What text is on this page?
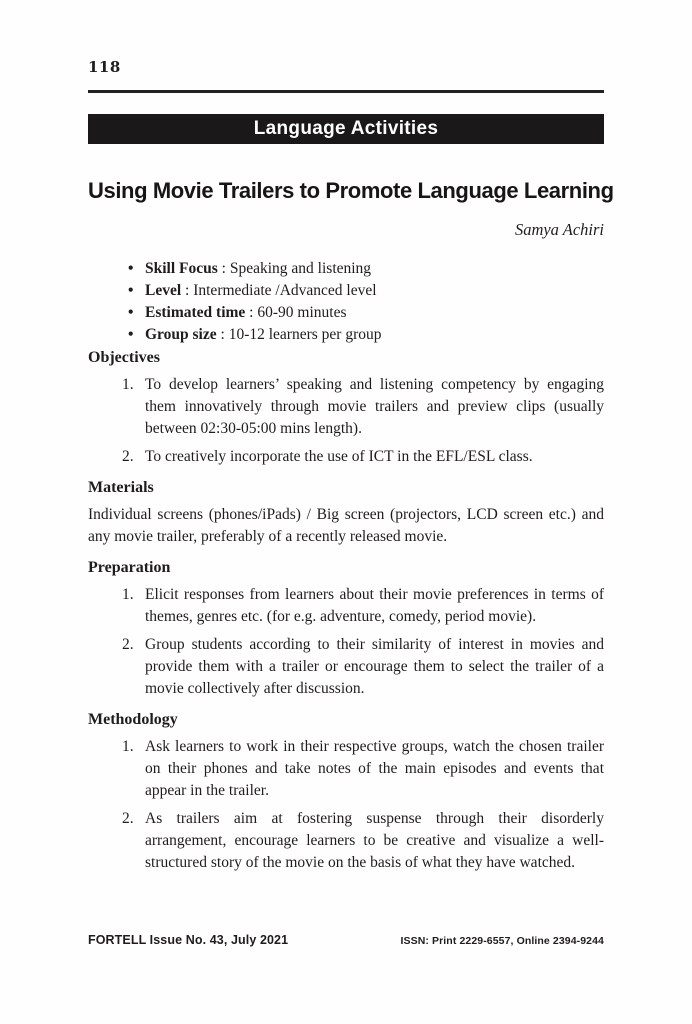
118
Language Activities
Using Movie Trailers to Promote Language Learning
Samya Achiri
• Skill Focus : Speaking and listening
• Level : Intermediate /Advanced level
• Estimated time : 60-90 minutes
• Group size : 10-12 learners per group
Objectives
1. To develop learners’ speaking and listening competency by engaging them innovatively through movie trailers and preview clips (usually between 02:30-05:00 mins length).
2. To creatively incorporate the use of ICT in the EFL/ESL class.
Materials
Individual screens (phones/iPads) / Big screen (projectors, LCD screen etc.) and any movie trailer, preferably of a recently released movie.
Preparation
1. Elicit responses from learners about their movie preferences in terms of themes, genres etc. (for e.g. adventure, comedy, period movie).
2. Group students according to their similarity of interest in movies and provide them with a trailer or encourage them to select the trailer of a movie collectively after discussion.
Methodology
1. Ask learners to work in their respective groups, watch the chosen trailer on their phones and take notes of the main episodes and events that appear in the trailer.
2. As trailers aim at fostering suspense through their disorderly arrangement, encourage learners to be creative and visualize a well-structured story of the movie on the basis of what they have watched.
FORTELL Issue No. 43, July 2021	ISSN: Print 2229-6557, Online 2394-9244
